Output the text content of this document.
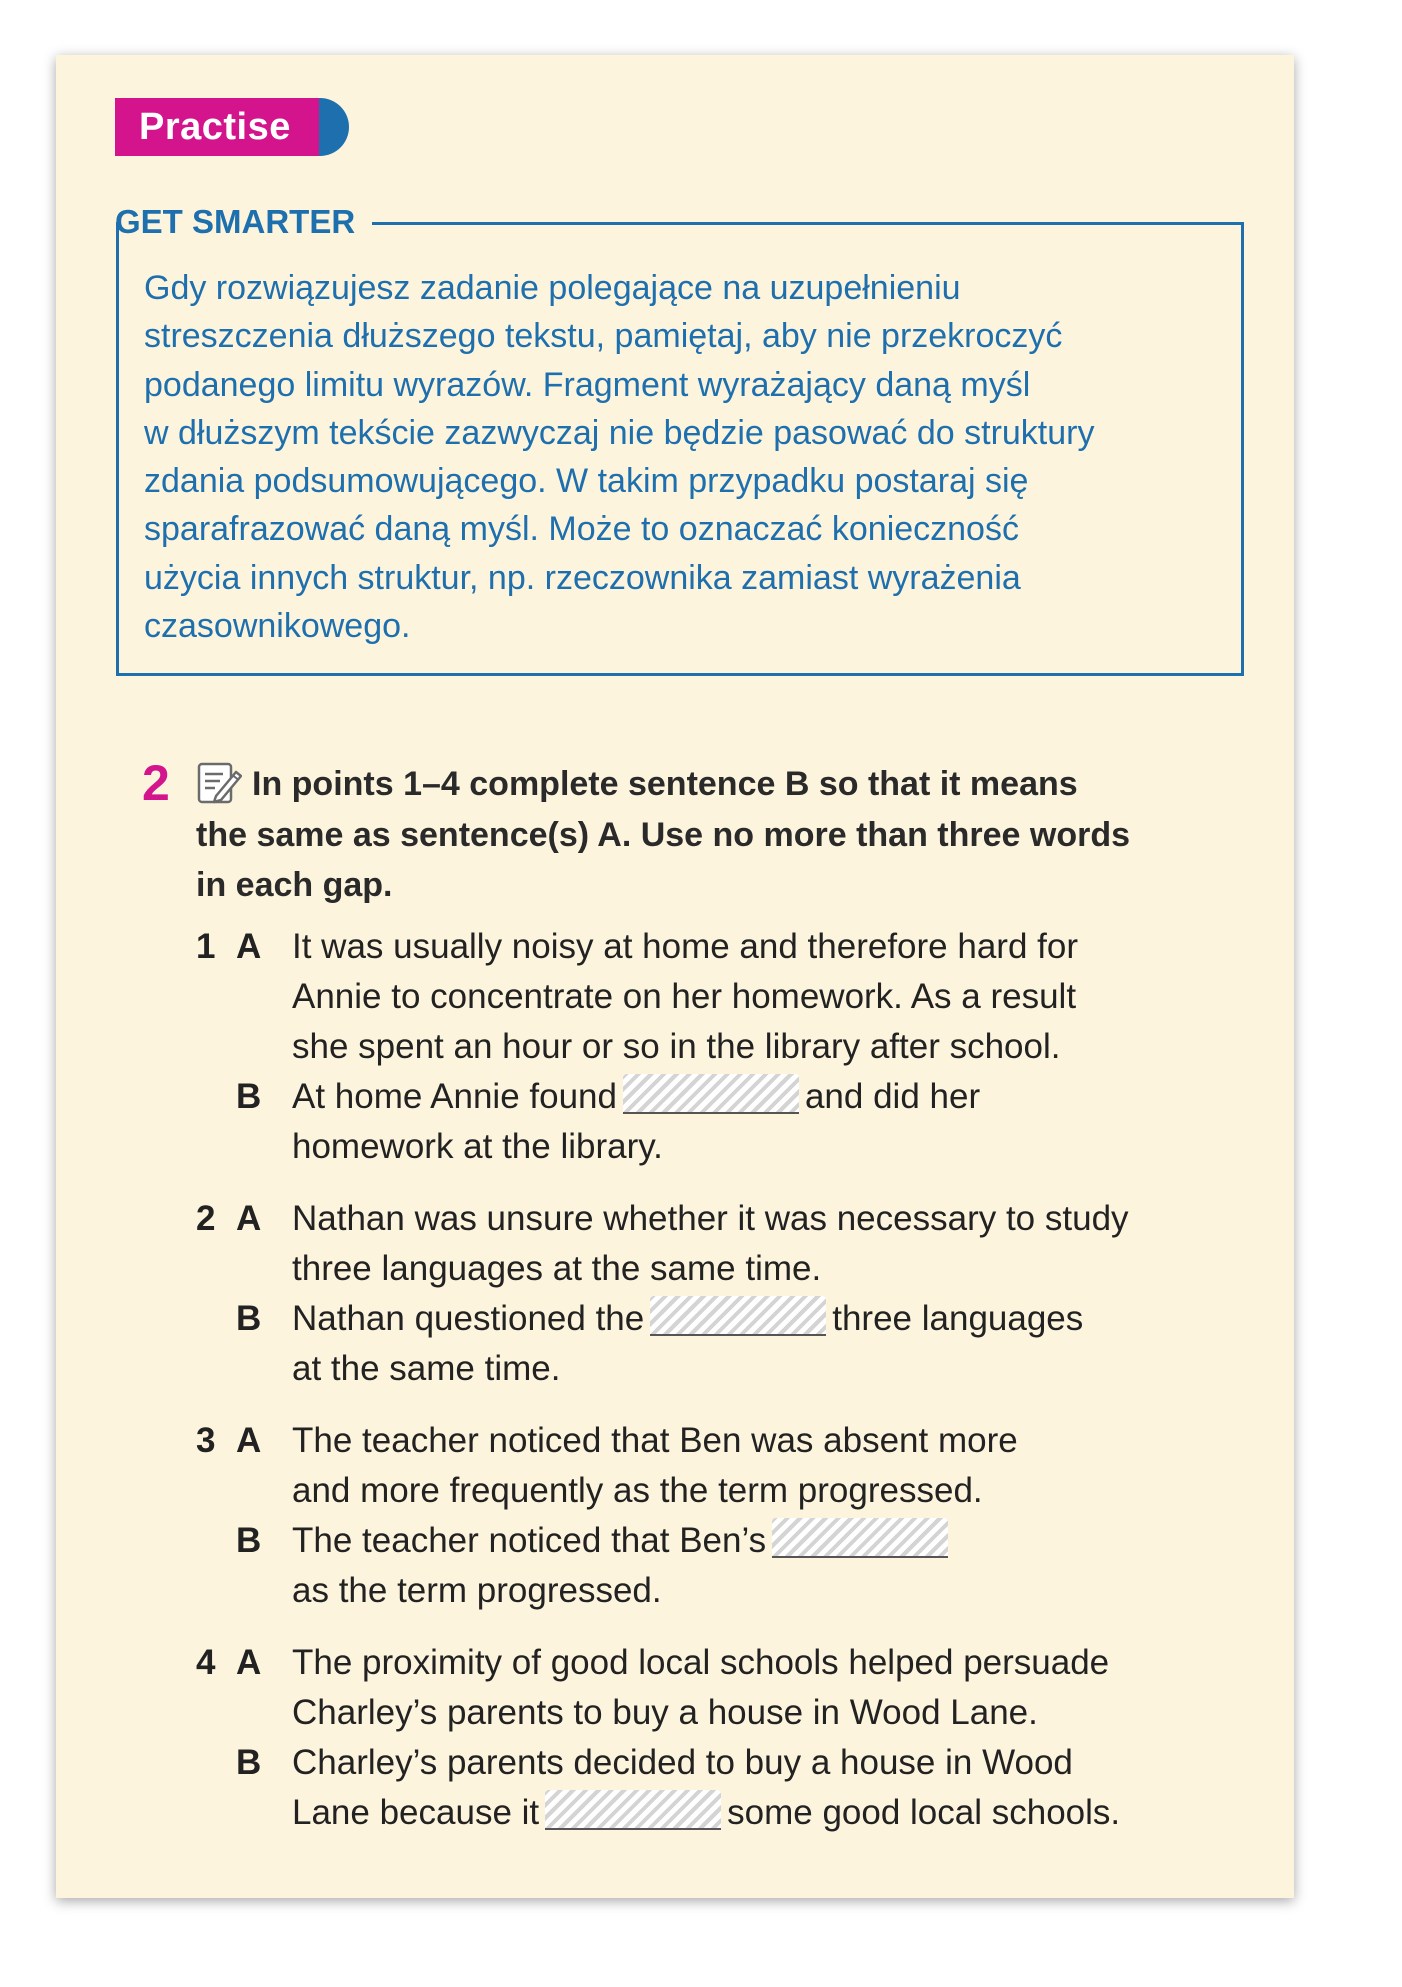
Practise
GET SMARTER
Gdy rozwiązujesz zadanie polegające na uzupełnieniu
streszczenia dłuższego tekstu, pamiętaj, aby nie przekroczyć
podanego limitu wyrazów. Fragment wyrażający daną myśl
w dłuższym tekście zazwyczaj nie będzie pasować do struktury
zdania podsumowującego. W takim przypadku postaraj się
sparafrazować daną myśl. Może to oznaczać konieczność
użycia innych struktur, np. rzeczownika zamiast wyrażenia
czasownikowego.
2	In points 1–4 complete sentence B so that it means
the same as sentence(s) A. Use no more than three words
in each gap.
1 A It was usually noisy at home and therefore hard for
Annie to concentrate on her homework. As a result
she spent an hour or so in the library after school.
B At home Annie found	and did her
homework at the library.
2 A Nathan was unsure whether it was necessary to study
three languages at the same time.
B Nathan questioned the	three languages
at the same time.
3 A The teacher noticed that Ben was absent more
and more frequently as the term progressed.
B The teacher noticed that Ben’s
as the term progressed.
4 A The proximity of good local schools helped persuade
Charley’s parents to buy a house in Wood Lane.
B Charley’s parents decided to buy a house in Wood
Lane because it	some good local schools.
